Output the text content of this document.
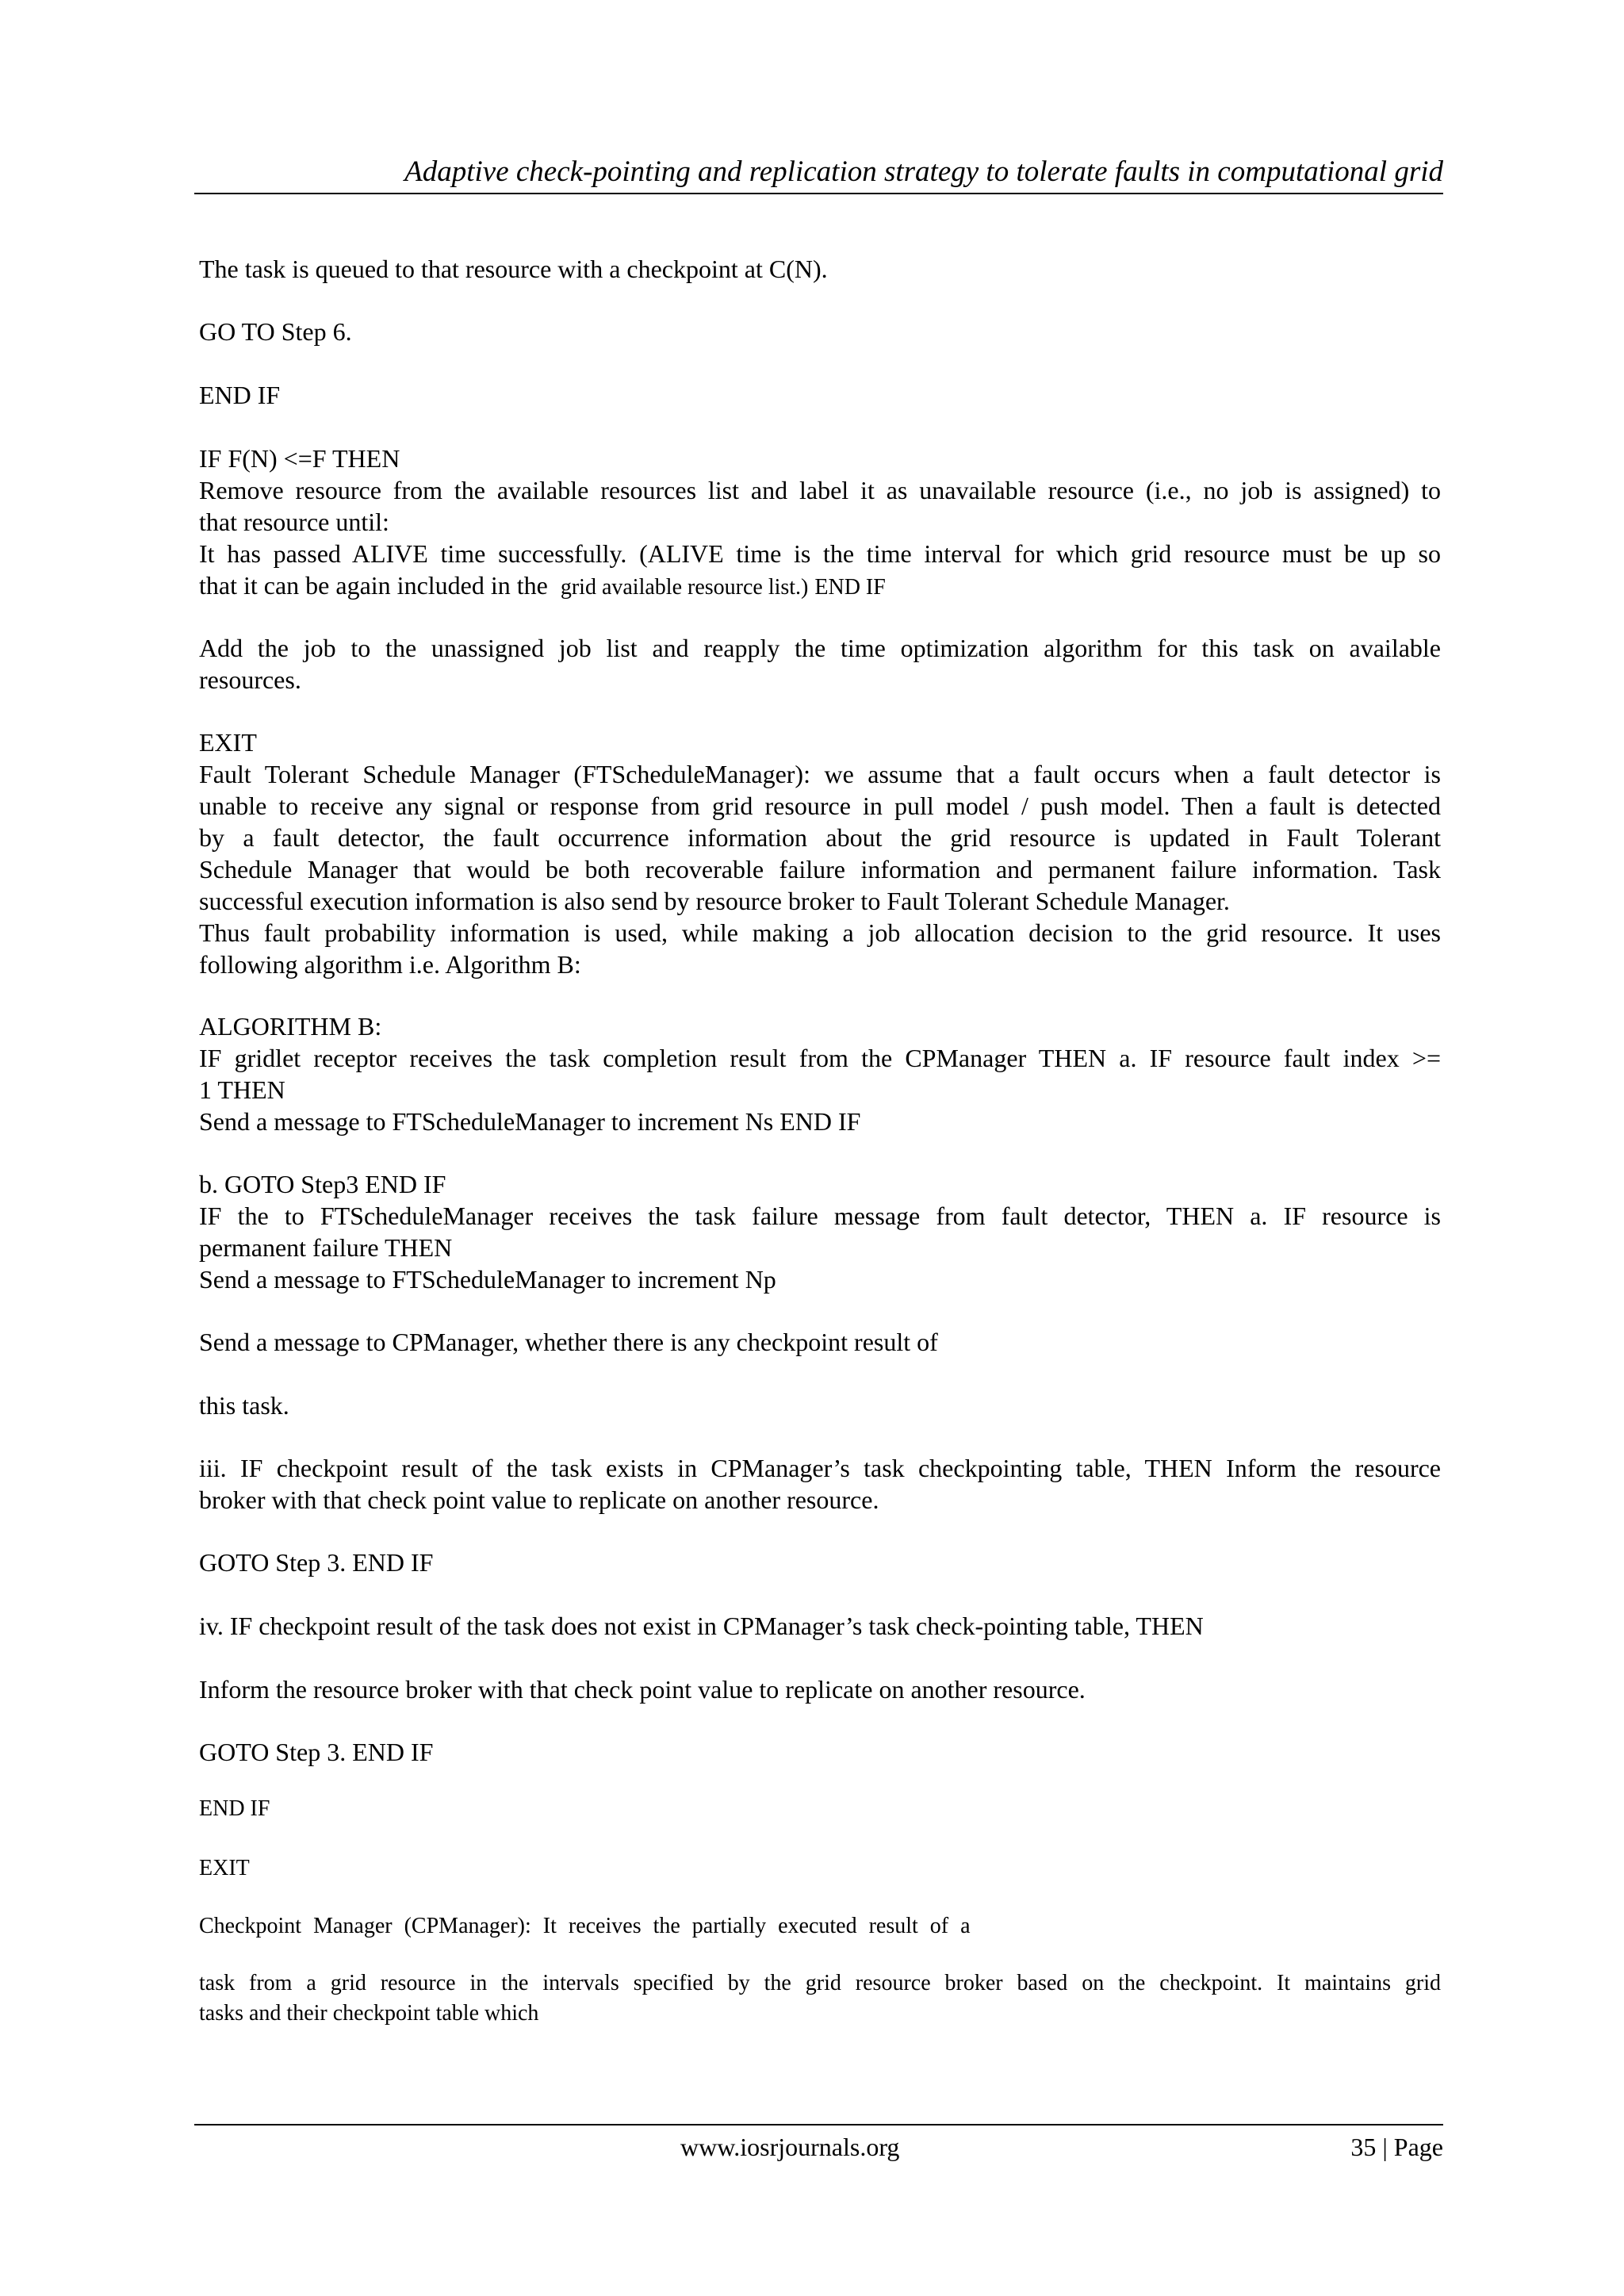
Adaptive check-pointing and replication strategy to tolerate faults in computational grid

The task is queued to that resource with a checkpoint at C(N).

GO TO Step 6.

END IF

IF F(N) <=F THEN
Remove resource from the available resources list and label it as unavailable resource (i.e., no job is assigned) to
that resource until:
It has passed ALIVE time successfully. (ALIVE time is the time interval for which grid resource must be up so
that it can be again included in the grid available resource list.) END IF
Add the job to the unassigned job list and reapply the time optimization algorithm for this task on available
resources.
EXIT
Fault Tolerant Schedule Manager (FTScheduleManager): we assume that a fault occurs when a fault detector is
unable to receive any signal or response from grid resource in pull model / push model. Then a fault is detected
by a fault detector, the fault occurrence information about the grid resource is updated in Fault Tolerant
Schedule Manager that would be both recoverable failure information and permanent failure information. Task
successful execution information is also send by resource broker to Fault Tolerant Schedule Manager.
Thus fault probability information is used, while making a job allocation decision to the grid resource. It uses
following algorithm i.e. Algorithm B:
ALGORITHM B:
IF gridlet receptor receives the task completion result from the CPManager THEN a. IF resource fault index >=
1 THEN
Send a message to FTScheduleManager to increment Ns END IF
b. GOTO Step3 END IF
IF the to FTScheduleManager receives the task failure message from fault detector, THEN a. IF resource is
permanent failure THEN
Send a message to FTScheduleManager to increment Np

Send a message to CPManager, whether there is any checkpoint result of

this task.

iii. IF checkpoint result of the task exists in CPManager’s task checkpointing table, THEN Inform the resource
broker with that check point value to replicate on another resource.

GOTO Step 3. END IF

iv. IF checkpoint result of the task does not exist in CPManager’s task check-pointing table, THEN

Inform the resource broker with that check point value to replicate on another resource.

GOTO Step 3. END IF

END IF

EXIT

Checkpoint Manager (CPManager): It receives the partially executed result of a

task from a grid resource in the intervals specified by the grid resource broker based on the checkpoint. It maintains grid
tasks and their checkpoint table which
www.iosrjournals.org	35 | Page
